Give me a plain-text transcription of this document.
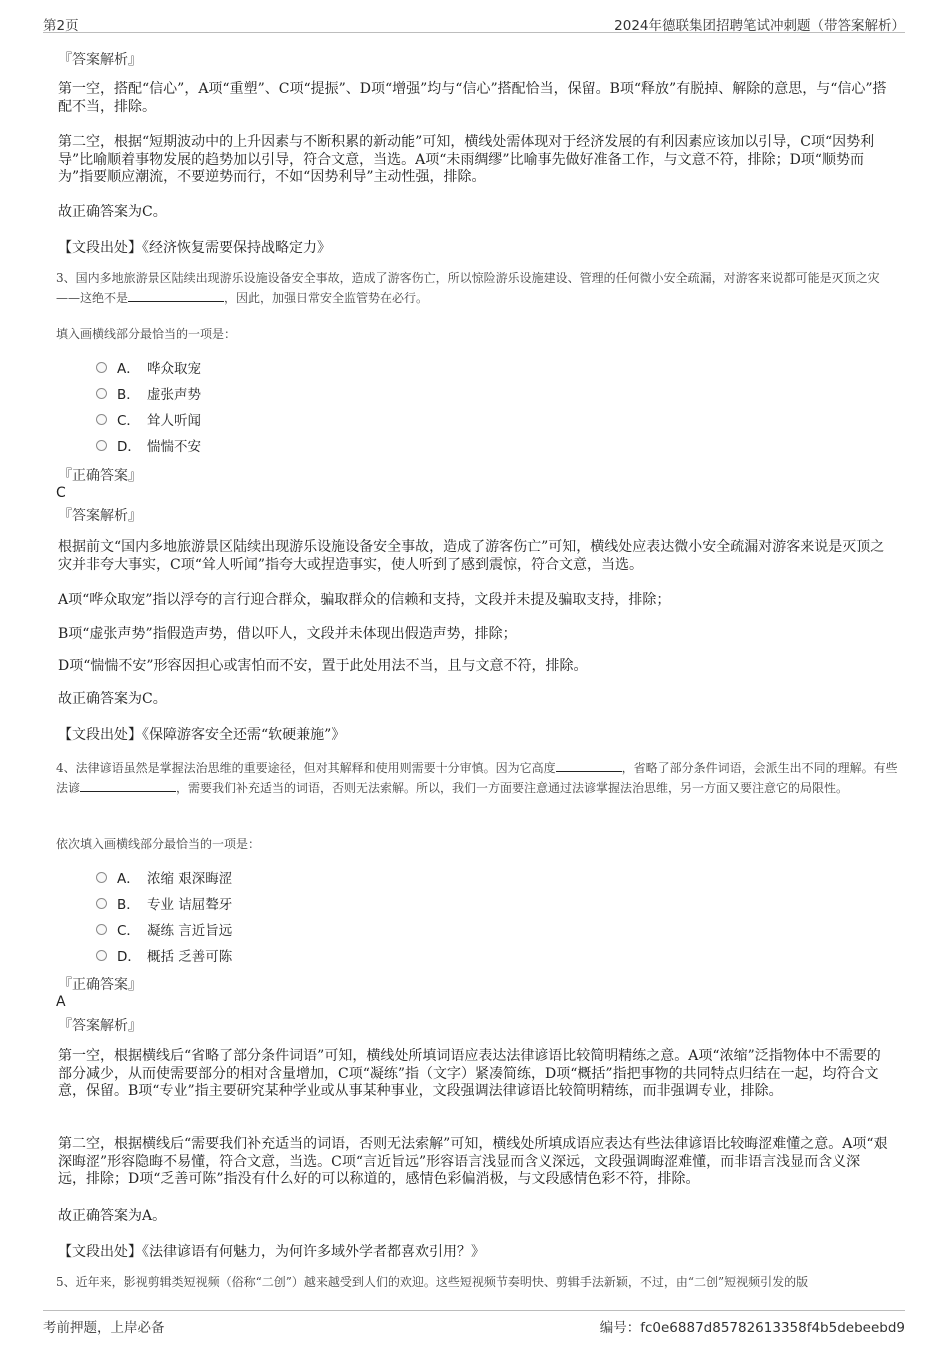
第2页	2024年德联集团招聘笔试冲刺题（带答案解析）
『答案解析』
第一空，搭配“信心”，A项“重塑”、C项“提振”、D项“增强”均与“信心”搭配恰当，保留。B项“释放”有脱掉、解除的意思，与“信心”搭配不当，排除。
第二空，根据“短期波动中的上升因素与不断积累的新动能”可知，横线处需体现对于经济发展的有利因素应该加以引导，C项“因势利导”比喻顺着事物发展的趋势加以引导，符合文意，当选。A项“未雨绸缪”比喻事先做好准备工作，与文意不符，排除；D项“顺势而为”指要顺应潮流，不要逆势而行，不如“因势利导”主动性强，排除。
故正确答案为C。
【文段出处】《经济恢复需要保持战略定力》
3、国内多地旅游景区陆续出现游乐设施设备安全事故，造成了游客伤亡，所以惊险游乐设施建设、管理的任何微小安全疏漏，对游客来说都可能是灭顶之灾——这绝不是	，因此，加强日常安全监管势在必行。
填入画横线部分最恰当的一项是：
A． 哗众取宠
B． 虚张声势
C． 耸人听闻
D． 惴惴不安
『正确答案』
C
『答案解析』
根据前文“国内多地旅游景区陆续出现游乐设施设备安全事故，造成了游客伤亡”可知，横线处应表达微小安全疏漏对游客来说是灭顶之灾并非夸大事实，C项“耸人听闻”指夸大或捏造事实，使人听到了感到震惊，符合文意，当选。
A项“哗众取宠”指以浮夸的言行迎合群众，骗取群众的信赖和支持，文段并未提及骗取支持，排除；
B项“虚张声势”指假造声势，借以吓人，文段并未体现出假造声势，排除；
D项“惴惴不安”形容因担心或害怕而不安，置于此处用法不当，且与文意不符，排除。
故正确答案为C。
【文段出处】《保障游客安全还需“软硬兼施”》
4、法律谚语虽然是掌握法治思维的重要途径，但对其解释和使用则需要十分审慎。因为它高度	，省略了部分条件词语，会派生出不同的理解。有些法谚	，需要我们补充适当的词语，否则无法索解。所以，我们一方面要注意通过法谚掌握法治思维，另一方面又要注意它的局限性。
依次填入画横线部分最恰当的一项是：
A． 浓缩 艰深晦涩
B． 专业 诘屈聱牙
C． 凝练 言近旨远
D． 概括 乏善可陈
『正确答案』
A
『答案解析』
第一空，根据横线后“省略了部分条件词语”可知，横线处所填词语应表达法律谚语比较简明精练之意。A项“浓缩”泛指物体中不需要的部分减少，从而使需要部分的相对含量增加，C项“凝练”指（文字）紧凑简练，D项“概括”指把事物的共同特点归结在一起，均符合文意，保留。B项“专业”指主要研究某种学业或从事某种事业，文段强调法律谚语比较简明精练，而非强调专业，排除。
第二空，根据横线后“需要我们补充适当的词语，否则无法索解”可知，横线处所填成语应表达有些法律谚语比较晦涩难懂之意。A项“艰深晦涩”形容隐晦不易懂，符合文意，当选。C项“言近旨远”形容语言浅显而含义深远，文段强调晦涩难懂，而非语言浅显而含义深远，排除；D项“乏善可陈”指没有什么好的可以称道的，感情色彩偏消极，与文段感情色彩不符，排除。
故正确答案为A。
【文段出处】《法律谚语有何魅力，为何许多域外学者都喜欢引用？》
5、近年来，影视剪辑类短视频（俗称“二创”）越来越受到人们的欢迎。这些短视频节奏明快、剪辑手法新颖，不过，由“二创”短视频引发的版
考前押题，上岸必备	编号：fc0e6887d85782613358f4b5debeebd9
